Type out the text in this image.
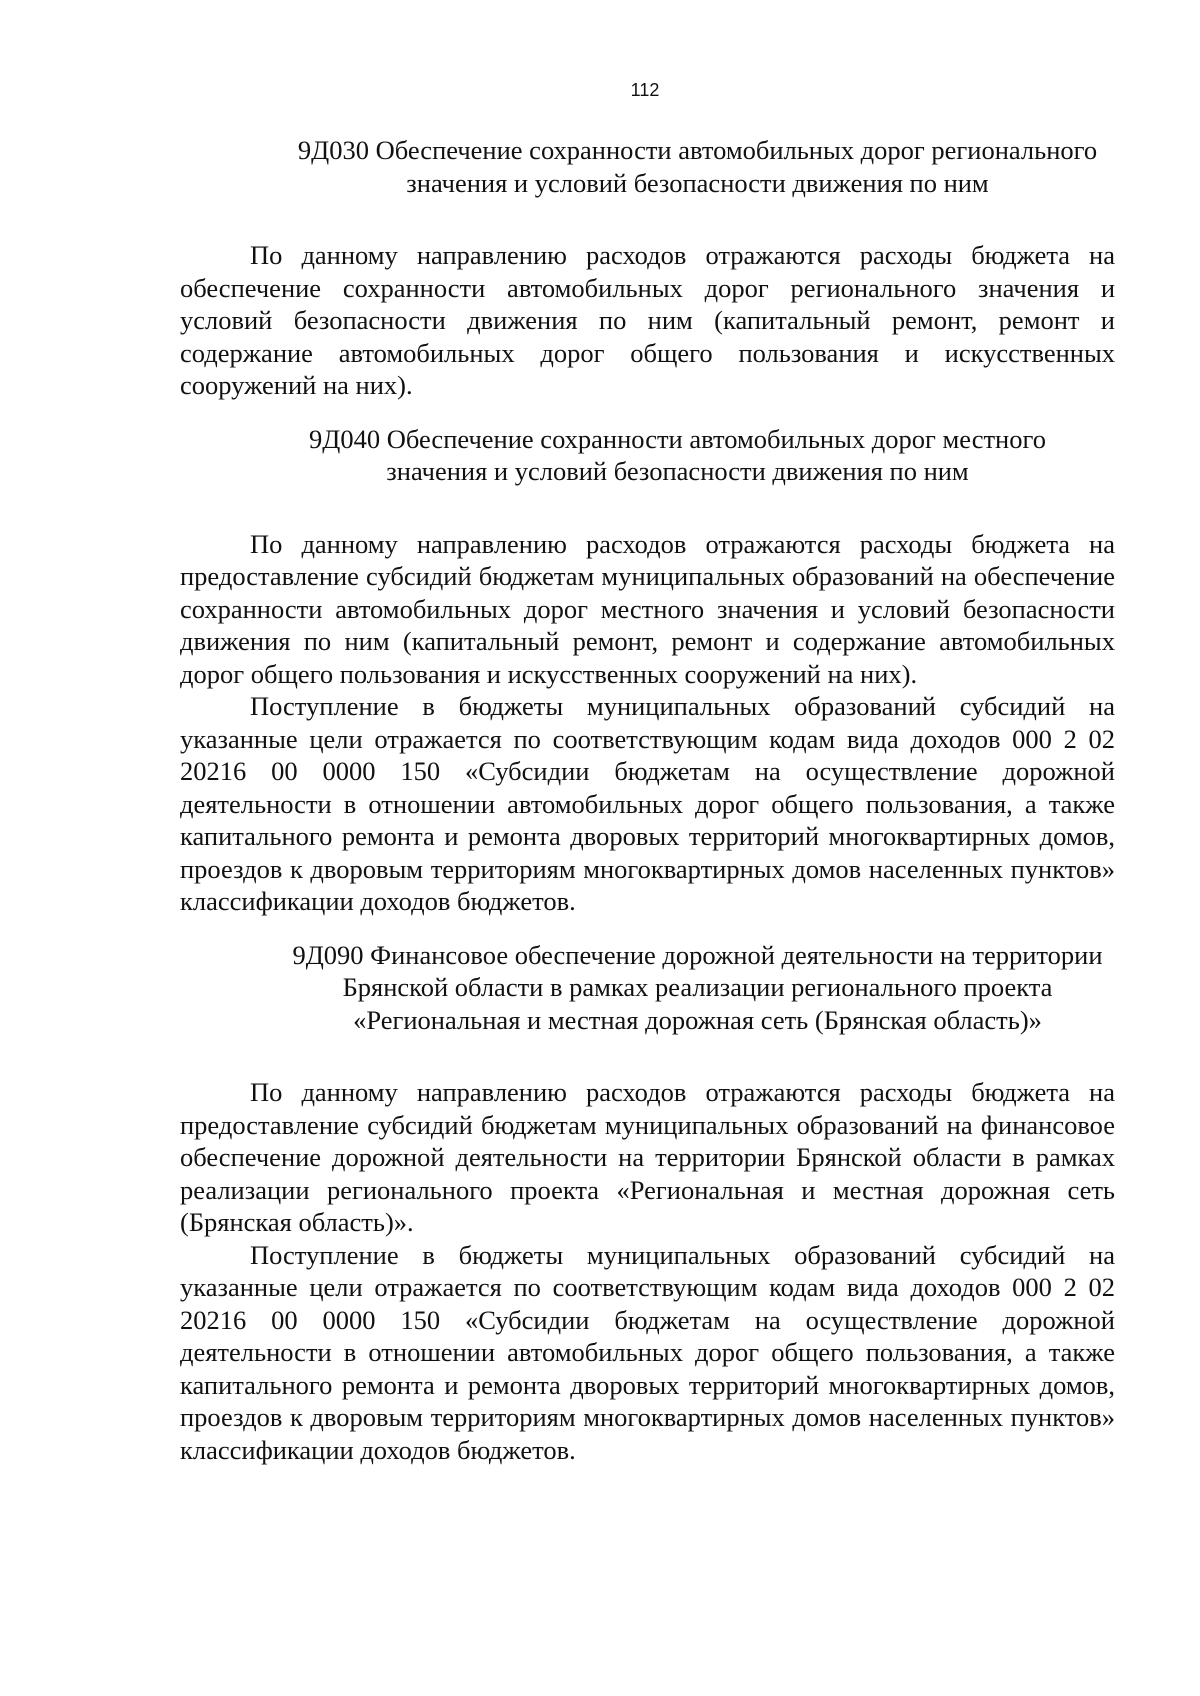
112
9Д030 Обеспечение сохранности автомобильных дорог регионального
значения и условий безопасности движения по ним

По данному направлению расходов отражаются расходы бюджета на обеспечение сохранности автомобильных дорог регионального значения и условий безопасности движения по ним (капитальный ремонт, ремонт и содержание автомобильных дорог общего пользования и искусственных сооружений на них).

9Д040 Обеспечение сохранности автомобильных дорог местного
значения и условий безопасности движения по ним

По данному направлению расходов отражаются расходы бюджета на предоставление субсидий бюджетам муниципальных образований на обеспечение сохранности автомобильных дорог местного значения и условий безопасности движения по ним (капитальный ремонт, ремонт и содержание автомобильных дорог общего пользования и искусственных сооружений на них).

Поступление в бюджеты муниципальных образований субсидий на указанные цели отражается по соответствующим кодам вида доходов 000 2 02 20216 00 0000 150 «Субсидии бюджетам на осуществление дорожной деятельности в отношении автомобильных дорог общего пользования, а также капитального ремонта и ремонта дворовых территорий многоквартирных домов, проездов к дворовым территориям многоквартирных домов населенных пунктов» классификации доходов бюджетов.

9Д090 Финансовое обеспечение дорожной деятельности на территории
Брянской области в рамках реализации регионального проекта
«Региональная и местная дорожная сеть (Брянская область)»

По данному направлению расходов отражаются расходы бюджета на предоставление субсидий бюджетам муниципальных образований на финансовое обеспечение дорожной деятельности на территории Брянской области в рамках реализации регионального проекта «Региональная и местная дорожная сеть (Брянская область)».

Поступление в бюджеты муниципальных образований субсидий на указанные цели отражается по соответствующим кодам вида доходов 000 2 02 20216 00 0000 150 «Субсидии бюджетам на осуществление дорожной деятельности в отношении автомобильных дорог общего пользования, а также капитального ремонта и ремонта дворовых территорий многоквартирных домов, проездов к дворовым территориям многоквартирных домов населенных пунктов» классификации доходов бюджетов.
